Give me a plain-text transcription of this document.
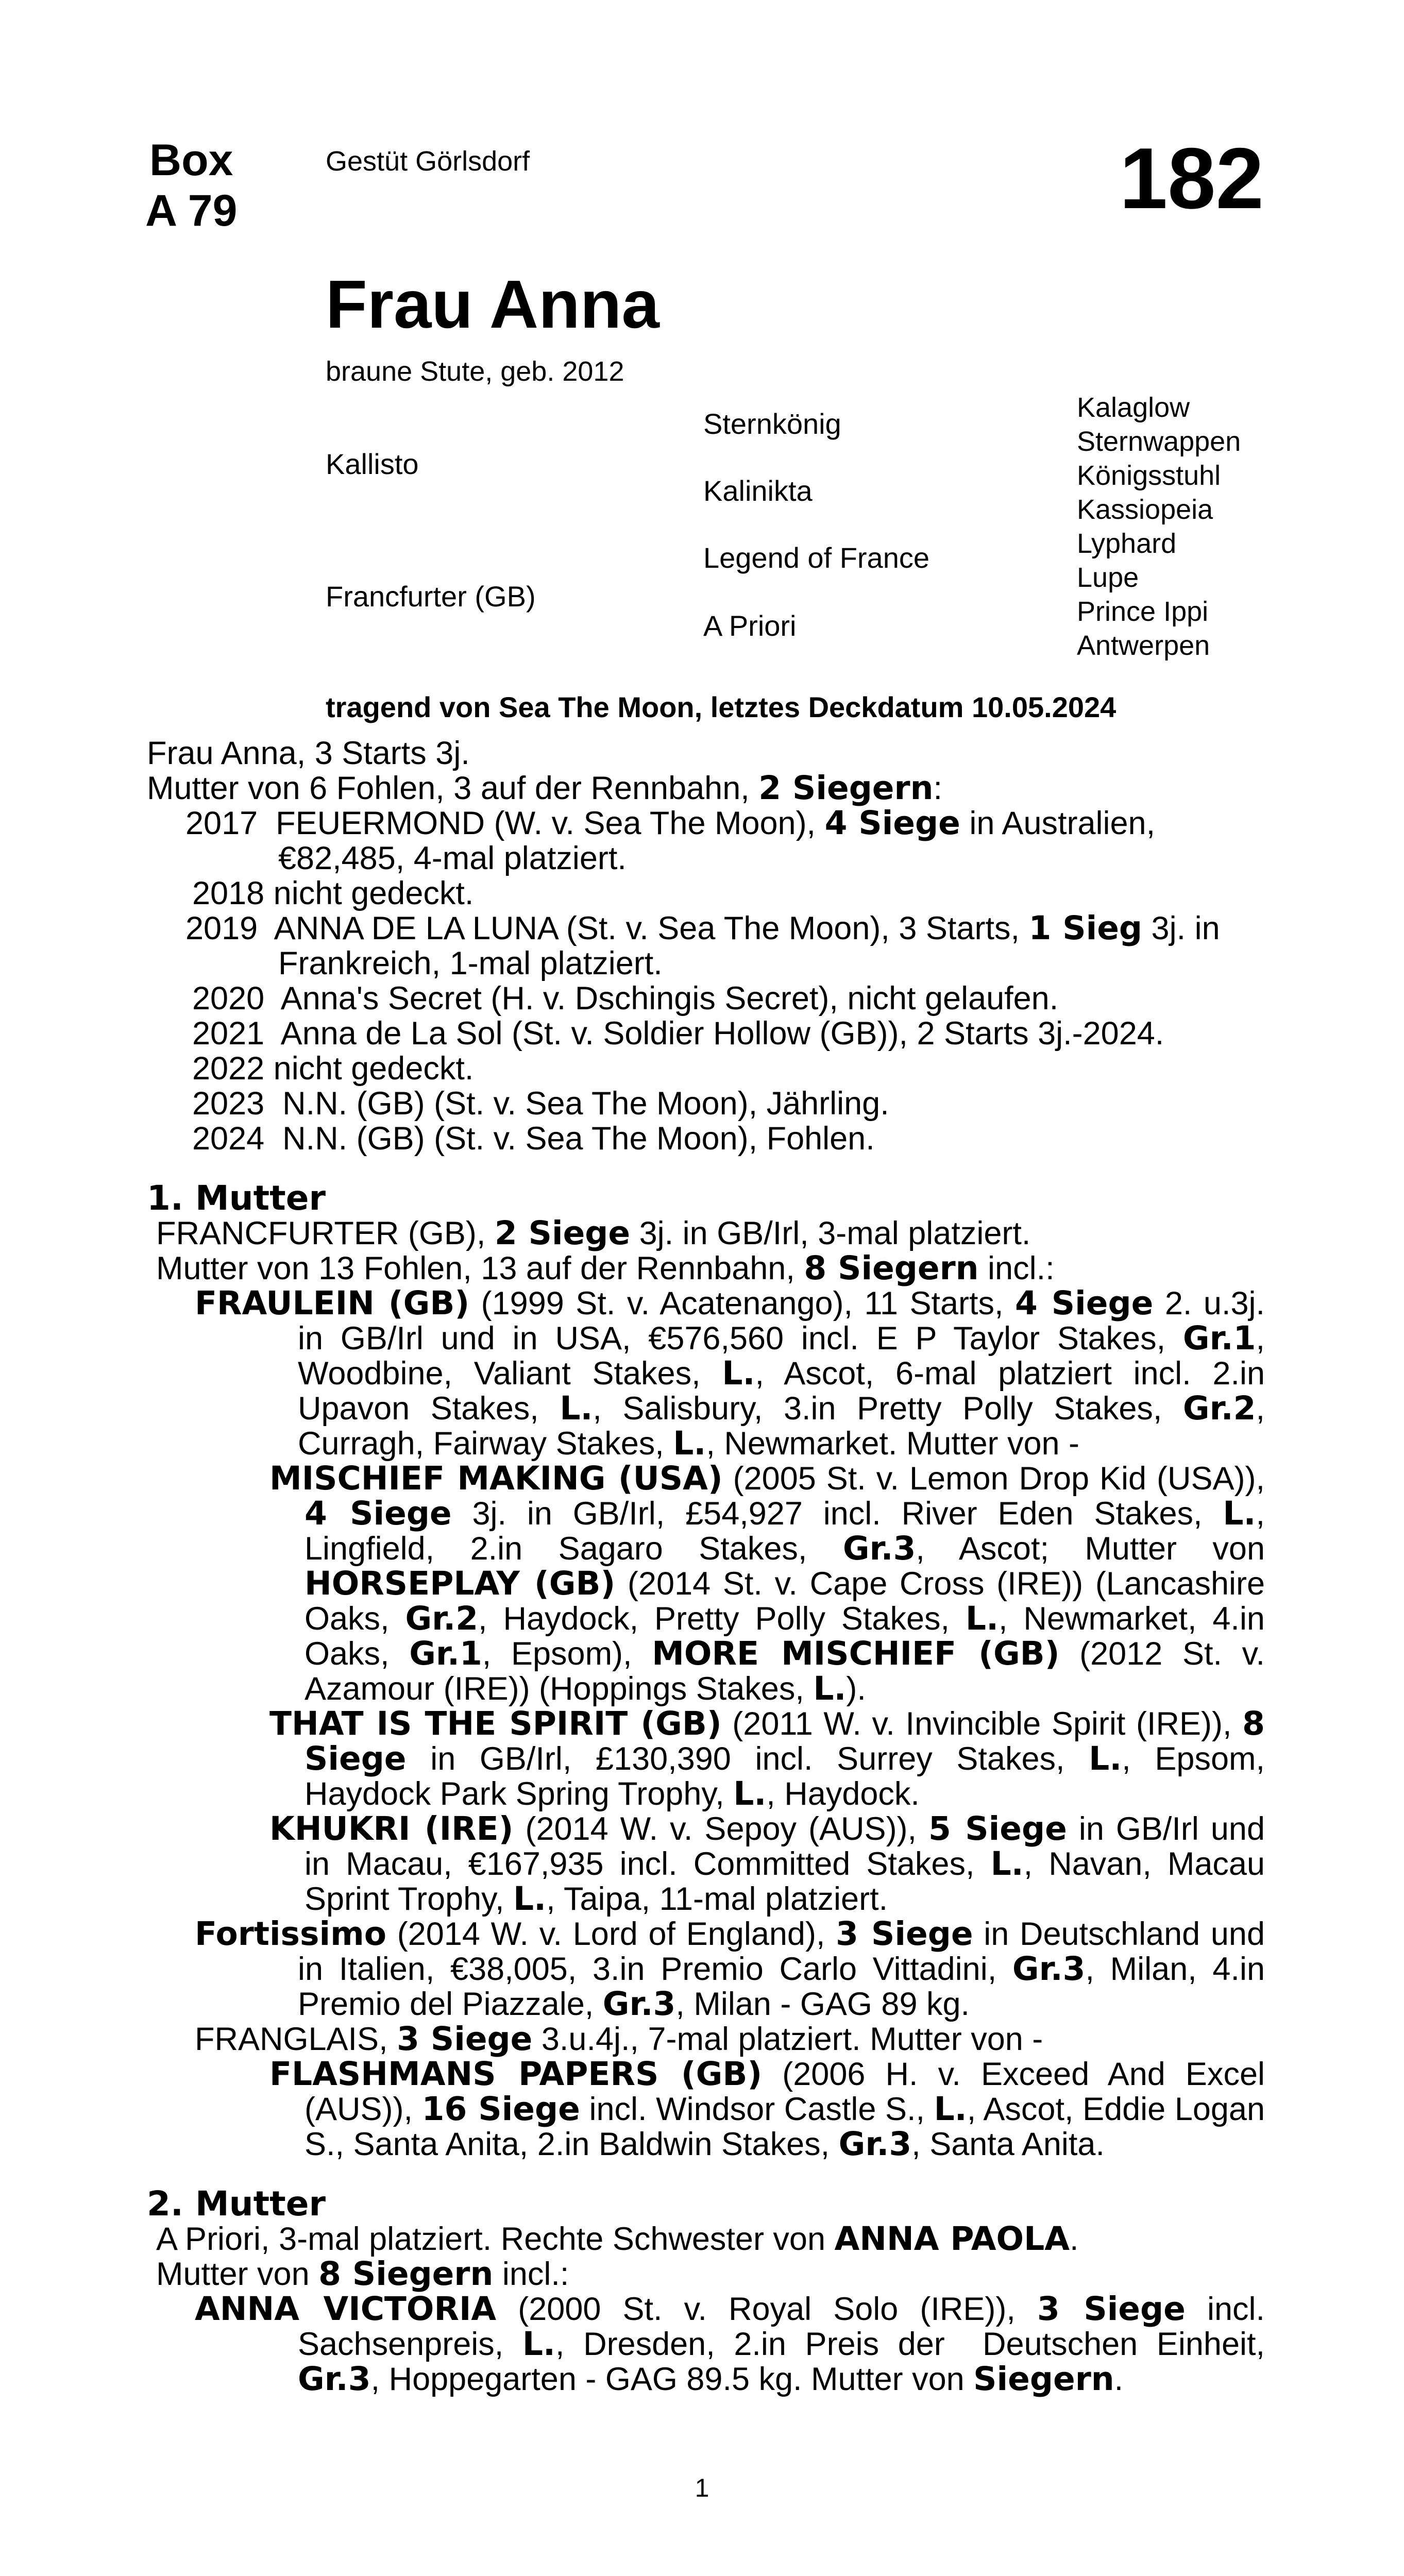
Box
A 79
Gestüt Görlsdorf	182
Frau Anna
braune Stute, geb. 2012
Kallisto
Francfurter (GB)
Sternkönig
Kalinikta
Legend of France
A Priori
Kalaglow
Sternwappen
Königsstuhl
Kassiopeia
Lyphard
Lupe
Prince Ippi
Antwerpen
tragend von Sea The Moon, letztes Deckdatum 10.05.2024

Frau Anna, 3 Starts 3j.

Mutter von 6 Fohlen, 3 auf der Rennbahn, 2 Siegern:

2017  FEUERMOND (W. v. Sea The Moon), 4 Siege in Australien, €82,485, 4-mal platziert.

2018 nicht gedeckt.

2019  ANNA DE LA LUNA (St. v. Sea The Moon), 3 Starts, 1 Sieg 3j. in Frankreich, 1-mal platziert.

2020  Anna's Secret (H. v. Dschingis Secret), nicht gelaufen.

2021  Anna de La Sol (St. v. Soldier Hollow (GB)), 2 Starts 3j.-2024.

2022 nicht gedeckt.

2023  N.N. (GB) (St. v. Sea The Moon), Jährling.

2024  N.N. (GB) (St. v. Sea The Moon), Fohlen.

1. Mutter

FRANCFURTER (GB), 2 Siege 3j. in GB/Irl, 3-mal platziert.

Mutter von 13 Fohlen, 13 auf der Rennbahn, 8 Siegern incl.:

FRAULEIN (GB) (1999 St. v. Acatenango), 11 Starts, 4 Siege 2. u.3j. in GB/Irl und in USA, €576,560 incl. E P Taylor Stakes, Gr.1, Woodbine, Valiant Stakes, L., Ascot, 6-mal platziert incl. 2.in Upavon Stakes, L., Salisbury, 3.in Pretty Polly Stakes, Gr.2, Curragh, Fairway Stakes, L., Newmarket. Mutter von -

MISCHIEF MAKING (USA) (2005 St. v. Lemon Drop Kid (USA)), 4 Siege 3j. in GB/Irl, £54,927 incl. River Eden Stakes, L., Lingfield, 2.in Sagaro Stakes, Gr.3, Ascot; Mutter von HORSEPLAY (GB) (2014 St. v. Cape Cross (IRE)) (Lancashire Oaks, Gr.2, Haydock, Pretty Polly Stakes, L., Newmarket, 4.in Oaks, Gr.1, Epsom), MORE MISCHIEF (GB) (2012 St. v. Azamour (IRE)) (Hoppings Stakes, L.).

THAT IS THE SPIRIT (GB) (2011 W. v. Invincible Spirit (IRE)), 8 Siege in GB/Irl, £130,390 incl. Surrey Stakes, L., Epsom, Haydock Park Spring Trophy, L., Haydock.

KHUKRI (IRE) (2014 W. v. Sepoy (AUS)), 5 Siege in GB/Irl und in Macau, €167,935 incl. Committed Stakes, L., Navan, Macau Sprint Trophy, L., Taipa, 11-mal platziert.

Fortissimo (2014 W. v. Lord of England), 3 Siege in Deutschland und in Italien, €38,005, 3.in Premio Carlo Vittadini, Gr.3, Milan, 4.in Premio del Piazzale, Gr.3, Milan - GAG 89 kg.

FRANGLAIS, 3 Siege 3.u.4j., 7-mal platziert. Mutter von -

FLASHMANS PAPERS (GB) (2006 H. v. Exceed And Excel (AUS)), 16 Siege incl. Windsor Castle S., L., Ascot, Eddie Logan S., Santa Anita, 2.in Baldwin Stakes, Gr.3, Santa Anita.

2. Mutter

A Priori, 3-mal platziert. Rechte Schwester von ANNA PAOLA.

Mutter von 8 Siegern incl.:

ANNA VICTORIA (2000 St. v. Royal Solo (IRE)), 3 Siege incl. Sachsenpreis, L., Dresden, 2.in Preis der  Deutschen Einheit, Gr.3, Hoppegarten - GAG 89.5 kg. Mutter von Siegern.

1
